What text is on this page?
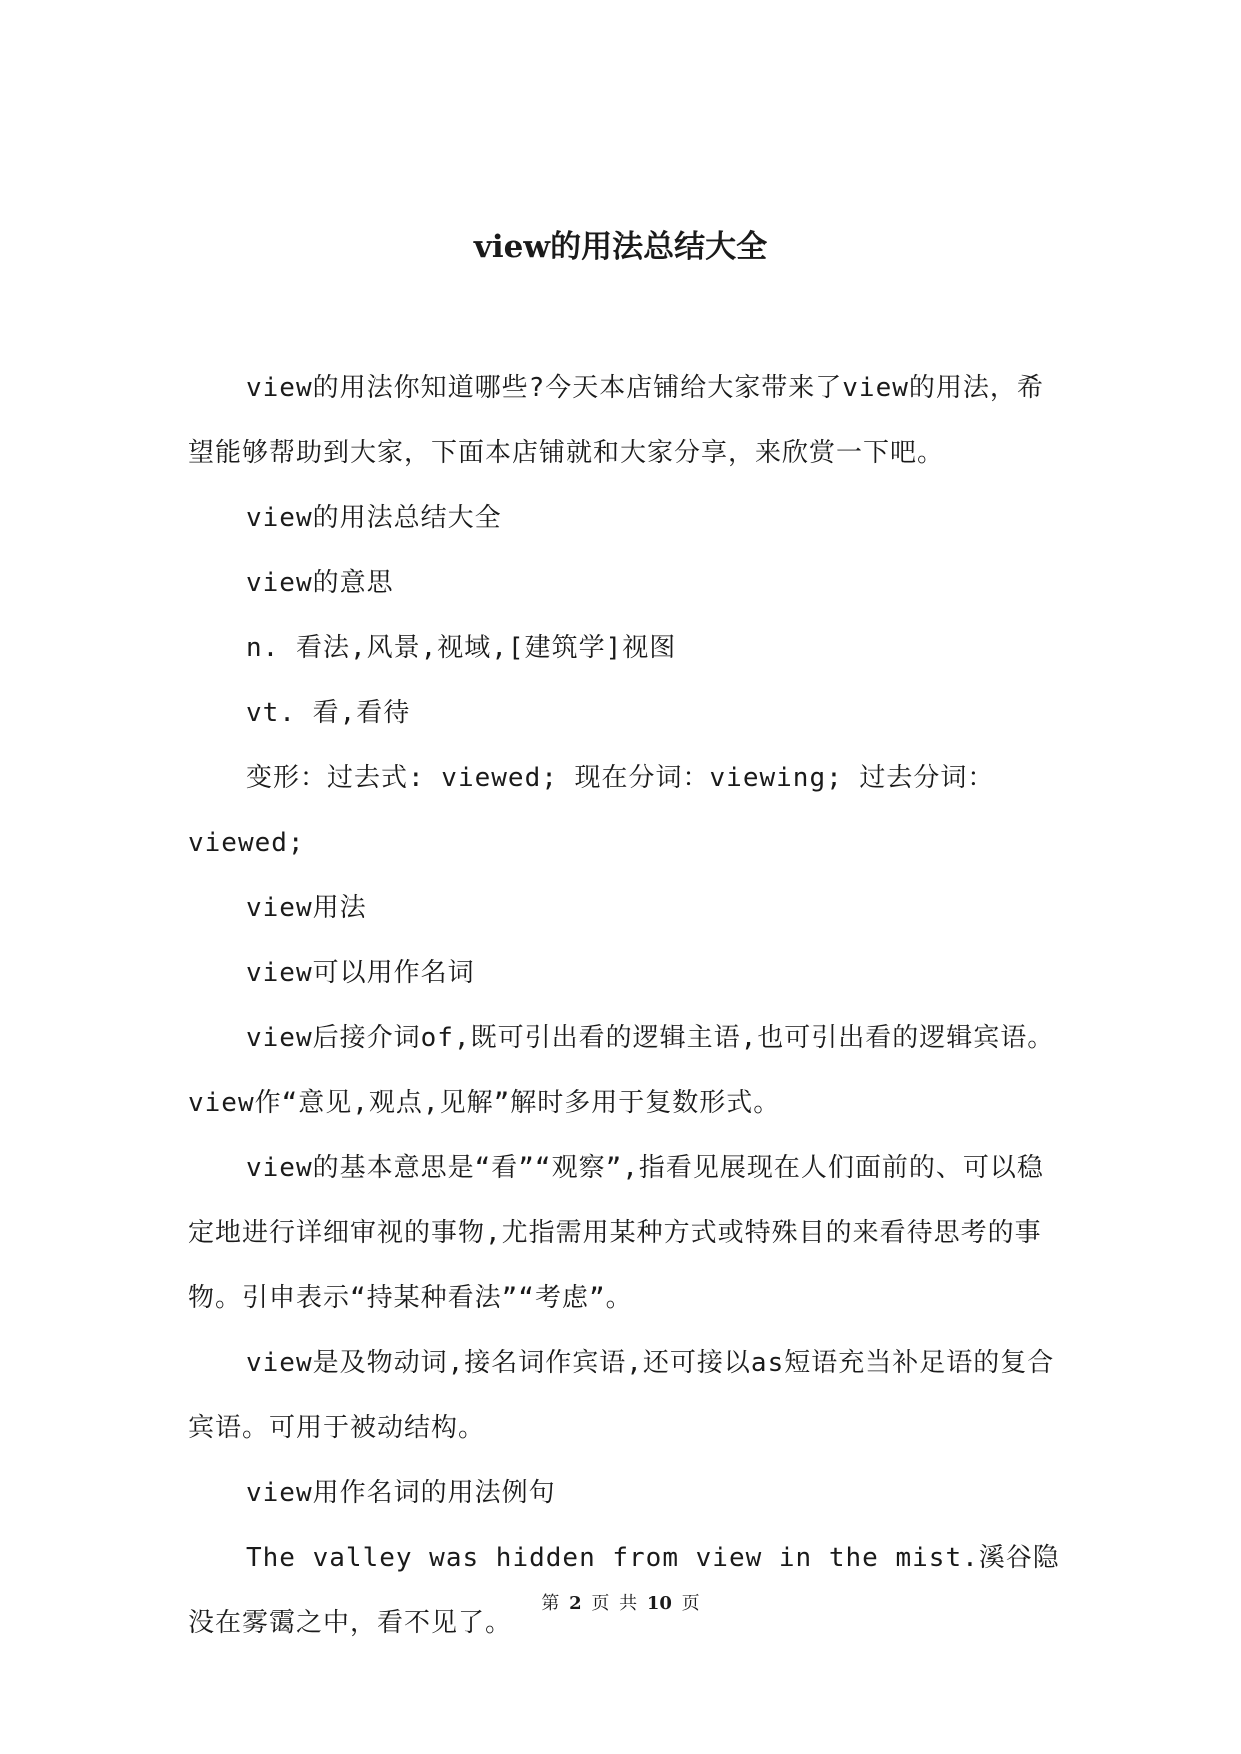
view的用法总结大全

view的用法你知道哪些?今天本店铺给大家带来了view的用法，希望能够帮助到大家，下面本店铺就和大家分享，来欣赏一下吧。

view的用法总结大全

view的意思

n. 看法,风景,视域,[建筑学]视图

vt. 看,看待

变形：过去式: viewed; 现在分词：viewing; 过去分词：viewed;

view用法

view可以用作名词

view后接介词of,既可引出看的逻辑主语,也可引出看的逻辑宾语。view作“意见,观点,见解”解时多用于复数形式。

view的基本意思是“看”“观察”,指看见展现在人们面前的、可以稳定地进行详细审视的事物,尤指需用某种方式或特殊目的来看待思考的事物。引申表示“持某种看法”“考虑”。

view是及物动词,接名词作宾语,还可接以as短语充当补足语的复合宾语。可用于被动结构。

view用作名词的用法例句

The valley was hidden from view in the mist.溪谷隐没在雾霭之中，看不见了。

第 2 页 共 10 页
